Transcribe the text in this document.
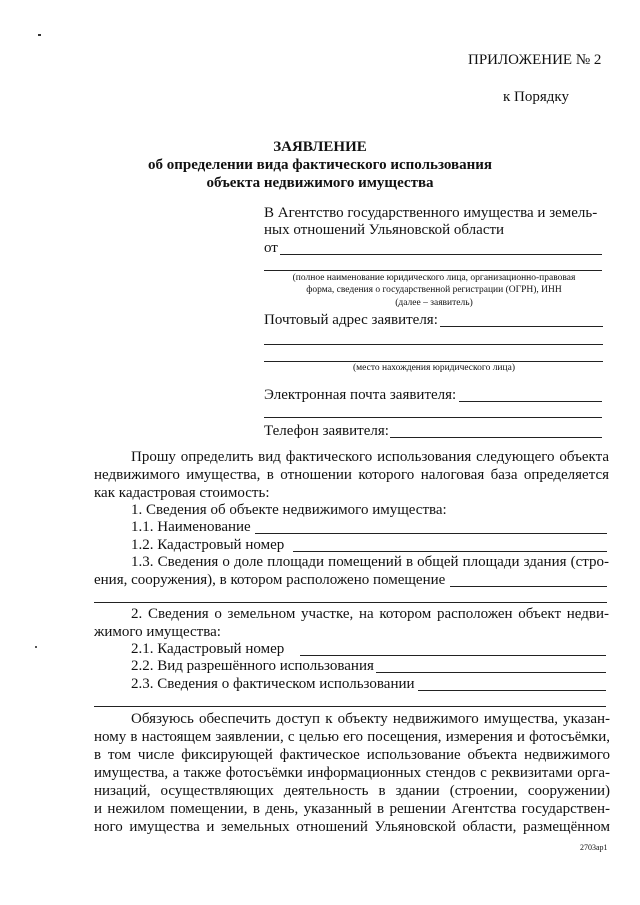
ПРИЛОЖЕНИЕ № 2
к Порядку
ЗАЯВЛЕНИЕ
об определении вида фактического использования
объекта недвижимого имущества
В Агентство государственного имущества и земель-
ных отношений Ульяновской области
от
(полное наименование юридического лица, организационно-правовая
форма, сведения о государственной регистрации (ОГРН), ИНН
(далее – заявитель)
Почтовый адрес заявителя:
(место нахождения юридического лица)
Электронная почта заявителя:
Телефон заявителя:
Прошу определить вид фактического использования следующего объекта
недвижимого имущества, в отношении которого налоговая база определяется
как кадастровая стоимость:
1. Сведения об объекте недвижимого имущества:
1.1. Наименование
1.2. Кадастровый номер
1.3. Сведения о доле площади помещений в общей площади здания (стро-
ения, сооружения), в котором расположено помещение
2. Сведения о земельном участке, на котором расположен объект недви-
жимого имущества:
2.1. Кадастровый номер
2.2. Вид разрешённого использования
2.3. Сведения о фактическом использовании
Обязуюсь обеспечить доступ к объекту недвижимого имущества, указан-
ному в настоящем заявлении, с целью его посещения, измерения и фотосъёмки,
в том числе фиксирующей фактическое использование объекта недвижимого
имущества, а также фотосъёмки информационных стендов с реквизитами орга-
низаций, осуществляющих деятельность в здании (строении, сооружении)
и нежилом помещении, в день, указанный в решении Агентства государствен-
ного имущества и земельных отношений Ульяновской области, размещённом
2703ap1
